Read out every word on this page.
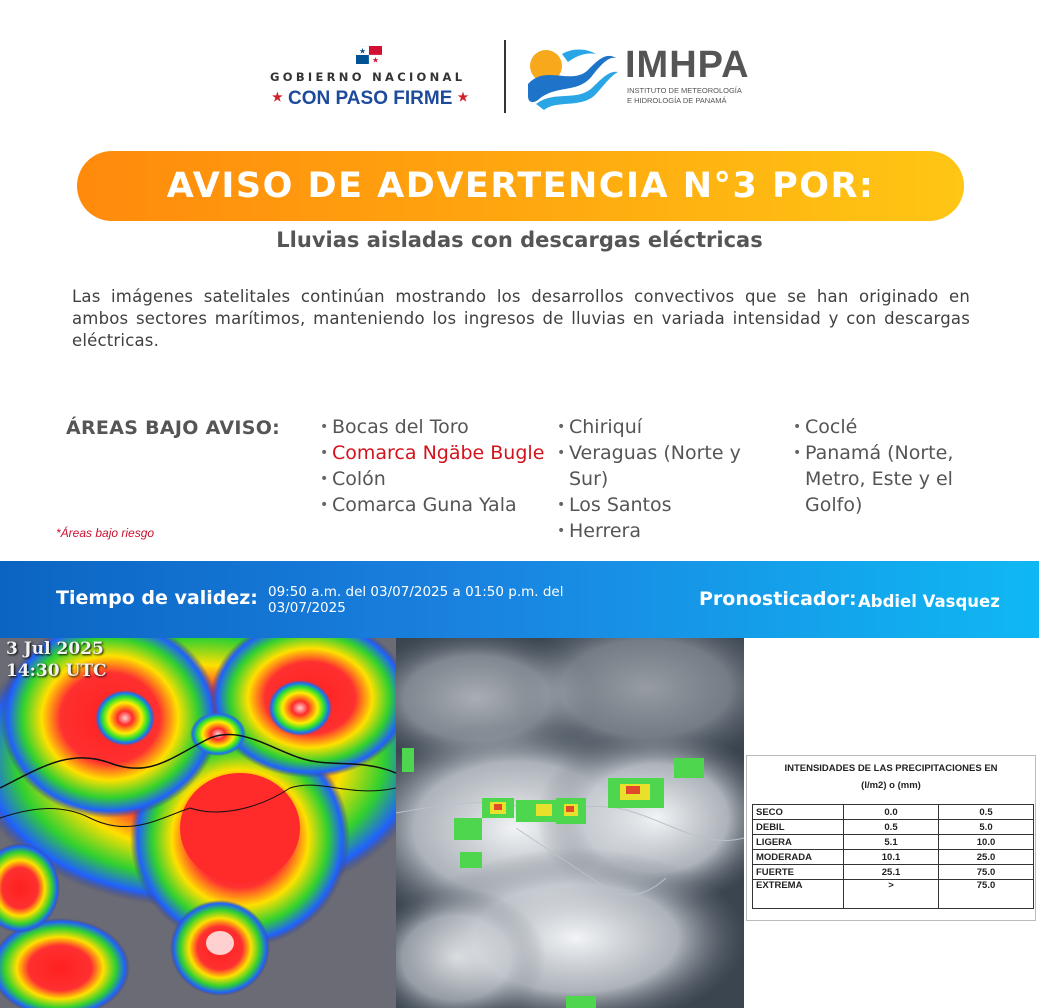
GOBIERNO NACIONAL
★ CON PASO FIRME ★
IMHPA
INSTITUTO DE METEOROLOGÍA
E HIDROLOGÍA DE PANAMÁ
AVISO DE ADVERTENCIA N°3 POR:
Lluvias aisladas con descargas eléctricas
Las imágenes satelitales continúan mostrando los desarrollos convectivos que se han originado en ambos sectores marítimos, manteniendo los ingresos de lluvias en variada intensidad y con descargas eléctricas.
ÁREAS BAJO AVISO:	• Bocas del Toro
• Comarca Ngäbe Bugle
• Colón
• Comarca Guna Yala
• Chiriquí
• Veraguas (Norte y Sur)
• Los Santos
• Herrera
• Coclé
• Panamá (Norte, Metro, Este y el Golfo)
*Áreas bajo riesgo
Tiempo de validez: 09:50 a.m. del 03/07/2025 a 01:50 p.m. del 03/07/2025	Pronosticador: Abdiel Vasquez
3 Jul 2025
14:30 UTC
INTENSIDADES DE LAS PRECIPITACIONES EN
(l/m2) o (mm)
SECO	0.0	0.5
DEBIL	0.5	5.0
LIGERA	5.1	10.0
MODERADA	10.1	25.0
FUERTE	25.1	75.0
EXTREMA	>	75.0
